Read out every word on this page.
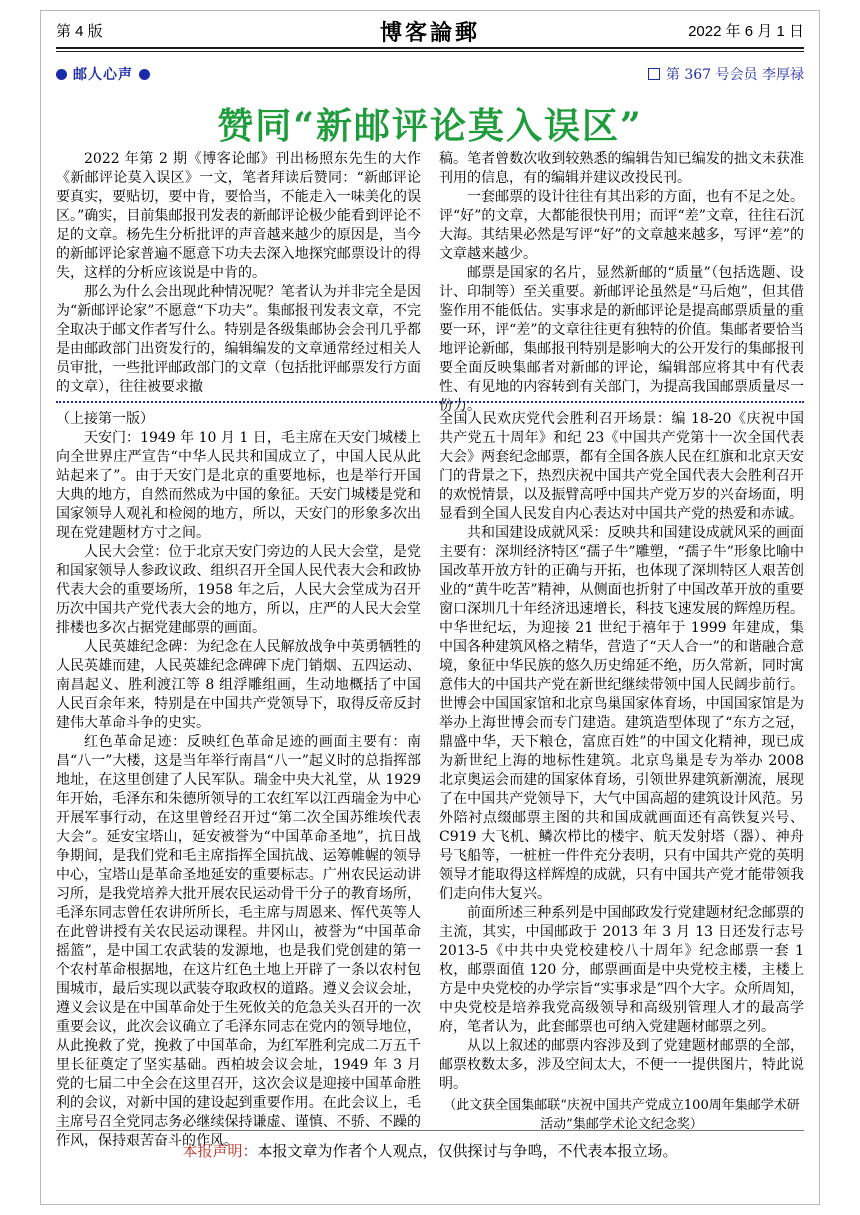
第 4 版	博客論郵	2022 年 6 月 1 日
邮人心声	第 367 号会员 李厚禄
赞同“新邮评论莫入误区”

2022 年第 2 期《博客论邮》刊出杨照东先生的大作《新邮评论莫入误区》一文，笔者拜读后赞同：“新邮评论要真实，要贴切，要中肯，要恰当，不能走入一味美化的误区。”确实，目前集邮报刊发表的新邮评论极少能看到评论不足的文章。杨先生分析批评的声音越来越少的原因是，当今的新邮评论家普遍不愿意下功夫去深入地探究邮票设计的得失，这样的分析应该说是中肯的。

那么为什么会出现此种情况呢？笔者认为并非完全是因为“新邮评论家”不愿意“下功夫”。集邮报刊发表文章，不完全取决于邮文作者写什么。特别是各级集邮协会会刊几乎都是由邮政部门出资发行的，编辑编发的文章通常经过相关人员审批，一些批评邮政部门的文章（包括批评邮票发行方面的文章），往往被要求撤

稿。笔者曾数次收到较熟悉的编辑告知已编发的拙文未获准刊用的信息，有的编辑并建议改投民刊。

一套邮票的设计往往有其出彩的方面，也有不足之处。评“好”的文章，大都能很快刊用；而评“差”文章，往往石沉大海。其结果必然是写评“好”的文章越来越多，写评“差”的文章越来越少。

邮票是国家的名片，显然新邮的“质量”（包括选题、设计、印制等）至关重要。新邮评论虽然是“马后炮”，但其借鉴作用不能低估。实事求是的新邮评论是提高邮票质量的重要一环，评“差”的文章往往更有独特的价值。集邮者要恰当地评论新邮，集邮报刊特别是影响大的公开发行的集邮报刊要全面反映集邮者对新邮的评论，编辑部应将其中有代表性、有见地的内容转到有关部门，为提高我国邮票质量尽一份力。

（上接第一版）

天安门：1949 年 10 月 1 日，毛主席在天安门城楼上向全世界庄严宣告“中华人民共和国成立了，中国人民从此站起来了”。由于天安门是北京的重要地标，也是举行开国大典的地方，自然而然成为中国的象征。天安门城楼是党和国家领导人观礼和检阅的地方，所以，天安门的形象多次出现在党建题材方寸之间。

人民大会堂：位于北京天安门旁边的人民大会堂，是党和国家领导人参政议政、组织召开全国人民代表大会和政协代表大会的重要场所，1958 年之后，人民大会堂成为召开历次中国共产党代表大会的地方，所以，庄严的人民大会堂排楼也多次占据党建邮票的画面。

人民英雄纪念碑：为纪念在人民解放战争中英勇牺牲的人民英雄而建，人民英雄纪念碑碑下虎门销烟、五四运动、南昌起义、胜利渡江等 8 组浮雕组画，生动地概括了中国人民百余年来，特别是在中国共产党领导下，取得反帝反封建伟大革命斗争的史实。

红色革命足迹：反映红色革命足迹的画面主要有：南昌“八一”大楼，这是当年举行南昌“八一”起义时的总指挥部地址，在这里创建了人民军队。瑞金中央大礼堂，从 1929 年开始，毛泽东和朱德所领导的工农红军以江西瑞金为中心开展军事行动，在这里曾经召开过“第二次全国苏维埃代表大会”。延安宝塔山，延安被誉为“中国革命圣地”，抗日战争期间，是我们党和毛主席指挥全国抗战、运筹帷幄的领导中心，宝塔山是革命圣地延安的重要标志。广州农民运动讲习所，是我党培养大批开展农民运动骨干分子的教育场所，毛泽东同志曾任农讲所所长，毛主席与周恩来、恽代英等人在此曾讲授有关农民运动课程。井冈山，被誉为“中国革命摇篮”，是中国工农武装的发源地，也是我们党创建的第一个农村革命根据地，在这片红色土地上开辟了一条以农村包围城市，最后实现以武装夺取政权的道路。遵义会议会址，遵义会议是在中国革命处于生死攸关的危急关头召开的一次重要会议，此次会议确立了毛泽东同志在党内的领导地位，从此挽救了党，挽救了中国革命，为红军胜利完成二万五千里长征奠定了坚实基础。西柏坡会议会址，1949 年 3 月党的七届二中全会在这里召开，这次会议是迎接中国革命胜利的会议，对新中国的建设起到重要作用。在此会议上，毛主席号召全党同志务必继续保持谦虚、谨慎、不骄、不躁的作风，保持艰苦奋斗的作风。

全国人民欢庆党代会胜利召开场景：编 18-20《庆祝中国共产党五十周年》和纪 23《中国共产党第十一次全国代表大会》两套纪念邮票，都有全国各族人民在红旗和北京天安门的背景之下，热烈庆祝中国共产党全国代表大会胜利召开的欢悦情景，以及振臂高呼中国共产党万岁的兴奋场面，明显看到全国人民发自内心表达对中国共产党的热爱和赤诚。

共和国建设成就风采：反映共和国建设成就风采的画面主要有：深圳经济特区“孺子牛”雕塑，“孺子牛”形象比喻中国改革开放方针的正确与开拓，也体现了深圳特区人艰苦创业的“黄牛吃苦”精神，从侧面也折射了中国改革开放的重要窗口深圳几十年经济迅速增长，科技飞速发展的辉煌历程。中华世纪坛，为迎接 21 世纪于禧年于 1999 年建成，集中国各种建筑风格之精华，营造了“天人合一”的和谐融合意境，象征中华民族的悠久历史绵延不绝，历久常新，同时寓意伟大的中国共产党在新世纪继续带领中国人民阔步前行。世博会中国国家馆和北京鸟巢国家体育场，中国国家馆是为举办上海世博会而专门建造。建筑造型体现了“东方之冠，鼎盛中华，天下粮仓，富庶百姓”的中国文化精神，现已成为新世纪上海的地标性建筑。北京鸟巢是专为举办 2008 北京奥运会而建的国家体育场，引领世界建筑新潮流，展现了在中国共产党领导下，大气中国高超的建筑设计风范。另外陪衬点缀邮票主图的共和国成就画面还有高铁复兴号、C919 大飞机、鳞次栉比的楼宇、航天发射塔（器）、神舟号飞船等，一桩桩一件件充分表明，只有中国共产党的英明领导才能取得这样辉煌的成就，只有中国共产党才能带领我们走向伟大复兴。

前面所述三种系列是中国邮政发行党建题材纪念邮票的主流，其实，中国邮政于 2013 年 3 月 13 日还发行志号 2013-5《中共中央党校建校八十周年》纪念邮票一套 1 枚，邮票面值 120 分，邮票画面是中央党校主楼，主楼上方是中央党校的办学宗旨“实事求是”四个大字。众所周知，中央党校是培养我党高级领导和高级别管理人才的最高学府，笔者认为，此套邮票也可纳入党建题材邮票之列。

从以上叙述的邮票内容涉及到了党建题材邮票的全部，邮票枚数太多，涉及空间太大，不便一一提供图片，特此说明。

（此文获全国集邮联“庆祝中国共产党成立100周年集邮学术研活动”集邮学术论文纪念奖）

本报声明：本报文章为作者个人观点，仅供探讨与争鸣，不代表本报立场。
